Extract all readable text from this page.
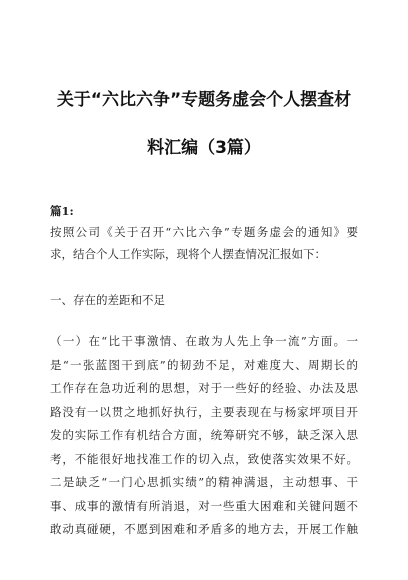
关于“六比六争”专题务虚会个人摆查材
料汇编（3篇）
篇1:
按照公司《关于召开“六比六争”专题务虚会的通知》要
求，结合个人工作实际，现将个人摆查情况汇报如下：
一、存在的差距和不足
（一）在“比干事激情、在敢为人先上争一流”方面。一
是“一张蓝图干到底”的韧劲不足，对难度大、周期长的
工作存在急功近利的思想，对于一些好的经验、办法及思
路没有一以贯之地抓好执行，主要表现在与杨家坪项目开
发的实际工作有机结合方面，统筹研究不够，缺乏深入思
考，不能很好地找准工作的切入点，致使落实效果不好。
二是缺乏“一门心思抓实绩”的精神满退，主动想事、干
事、成事的激情有所消退，对一些重大困难和关键问题不
敢动真碰硬，不愿到困难和矛盾多的地方去，开展工作触
